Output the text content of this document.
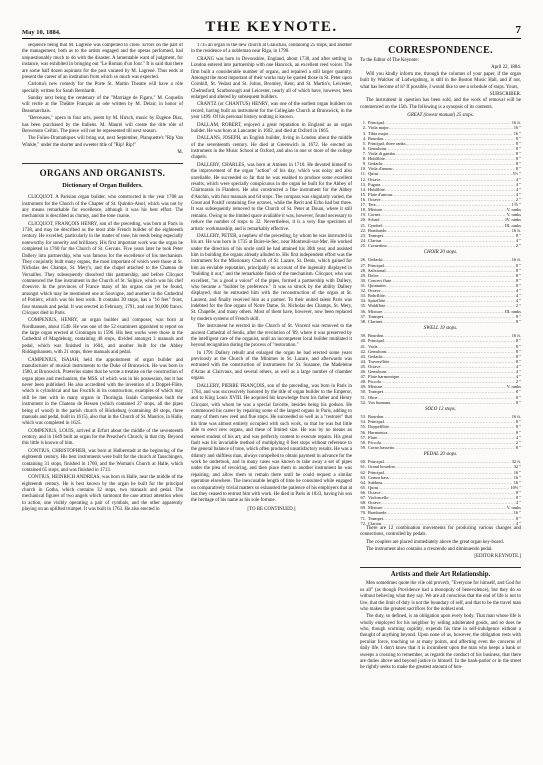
May 10, 1884.	THE KEYNOTE.	7

sequence being that M. Lagrené was compelled to close. Errors on the part of the management, both as to the artists engaged and the operas performed, had unquestionably much to do with the disaster. A lamentable want of judgment, for instance, was exhibited in bringing out "Le Roman d'un Jour." It is said that there are some half dozen aspirants for the post vacated by M. Lagrené. Thus ends at present the career of an institution from which so much was expected.

Carlotta's new comedy for the Porte St. Martin Theatre will have a rôle specially written for Sarah Bernhardt.

Sunday next being the centenary of the "Marriage de Figaro," M. Coquelin will recite at the Théâtre Français an ode written by M. Delair, in honor of Beaumarchais.

"Berceuses," opera in four acts, poem by M. Hirsch, music by Eugène Diaz, has been purchased by the Italiens. M. Maurel will create the title rôle of Benvenuto Cellini. The piece will not be represented till next season.

The Folies-Dramatiques will bring out, next September, Planquette's "Rip Van Winkle," under the shorter and sweeter title of "Rip! Rip!"

M.
ORGANS AND ORGANISTS.
Dictionary of Organ Builders.

CLICQUOT. A Parisian organ builder, who constructed in the year 1708 an instrument for the Church of the Chapter of St. Quintin-Aisel, which was not by any means remarkable for excellence, although it was his best effort. The mechanism is described as clumsy, and the tone coarse.

CLICQUOT, FRANÇOIS HENRY, son of the preceding, was born at Paris in 1738, and may be described as the most able French builder of the eighteenth century. He excelled, particularly in the matter of tone, his reeds being especially noteworthy for sonority and brilliancy. His first important work was the organ he completed in 1760 for the Church of St. Gervais. Five years later he took Peter Dallery into partnership, who was famous for the excellence of his mechanism. They conjointly built many organs, the most important of which were those at St. Nicholas des Champs, St. Mery's, and the chapel attached to the Chateau de Versailles. They subsequently dissolved this partnership, and before Clicquot commenced the fine instrument in the Church of St. Sulpice, which was his chef d'oeuvre. In the provinces of France many of his organs can yet be found, amongst which may be mentioned one at Souvigne, and another in the Cathedral of Poitiers, which was his best work. It contains 30 stops, has a "16 feet" front, four manuals and pedal. It was erected in February, 1791, and cost 90,000 francs. Clicquot died in Paris.

COMPENIUS, HENRY, an organ builder and composer, was born at Nordhausen, about 1540. He was one of the 52 examiners appointed to report on the large organ erected at Groningen in 1596. His best works were those in the Cathedral of Magdeburg, containing 48 stops, divided amongst 3 manuals and pedal, which was finished in 1604, and another built for the Abbey Riddagshausen, with 21 stops, three manuals and pedal.

CAMPENIUS, ISAIAH, held the appointment of organ builder and manufacturer of musical instruments to the Duke of Brunswick. He was born in 1580, at Brunswick. Præterius states that he wrote a treatise on the construction of organ pipes and mechanism, the MSS. of which was in his possession, but it has never been published. He also accredited with the invention of a Doppel-Flöte, which is cylindrical and has Fructifs in its construction, examples of which may still be met with in many organs in Thuringia. Isaiah Compenius built the instrument in the Chateau de Hessen (which contained 27 stops, all the pipes being of wood) in the parish church of Bückeburg (containing 48 stops, three manuals and pedal, built in 1615), also that in the Church of St. Maurice, in Halle, which was completed in 1625.

COMPENIUS, LOUIS, arrived at Erfurt about the middle of the seventeenth century, and in 1649 built an organ for the Preacher's Church, in that city. Beyond this little is known of him.

CONTIUS, CHRISTOPHER, was born at Halberstadt at the beginning of the eighteenth century. His best instruments were built for the church at Tauschingen, containing 31 stops, finished in 1700, and the Woman's Church at Halle, which contained 65 stops, and was finished in 1713.

CONTIUS, HEINRICH ANDREAS, was born in Halle, near the middle of the eighteenth century. He is best known by the organ he built for the principal church in Gotha, which contains 32 stops, two manuals and pedal. The mechanical figures of two angels which surmount the case attract attention when in action, one visibly operating a pair of cymbals, and the other apparently playing on an uplifted trumpet. It was built in 1763. He also erected in

1735 an organ in the new church at Glauchau, containing 25 stops, and another in the residence of a nobleman near Riga, in 1790.

CRANG was born in Devonshire, England, about 1730, and after settling in London entered into partnership with one Hancock, an excellent reed voicer. The firm built a considerable number of organs, and repaired a still larger quantity. Amongst the most important of their works may be quoted those in St. Peter upon Cornhill, St. Vedast and St. Johns, Bromley, Kent, and St. Martin's, Leicester, Chelmsford, Scarborough and Leicester, nearly all of which have, however, been enlarged and altered by subsequent builders.

CRANTZ (or CHANTUS) HENRY, was one of the earliest organ builders on record, having built an instrument for the Collegiate Church at Brunswick, in the year 1499. Of his personal history nothing is known.

DALLAM, ROBERT, enjoyed a great reputation in England as an organ builder. He was born at Lancaster in 1602, and died at Oxford in 1665.

DALLANS, JOSEPH, an English builder, living in London about the middle of the seventeenth century. He died at Greenwich in 1672. He erected an instrument in the Music School at Oxford, and also in one or more of the college chapels.

DALLERY, CHARLES, was born at Amiens in 1710. He devoted himself to the improvement of the organ "action" of his day, which was noisy and also unreliable. He succeeded so far that he was enabled to produce some excellent results, which were specially conspicuous in the organ he built for the Abbey of Clairmarais in Flanders. He also constructed a fine instrument for the Abbey d'Anchin, with four manuals and 64 stops. The compass was singularly varied, the Great and Positif containing five octaves, while the Recit and Echo had but three. It was subsequently removed to the Church of St. Peter at Douai, where it still remains. Owing to the limited space available it was, however, found necessary to reduce the number of stops to 32. Nevertheless, it is a very fine specimen of artistic workmanship, and is remarkably effective.

DALLERY, PETER, a nephew of the preceding, by whom he was instructed in his art. He was born in 1735 at Buire-le-Sec, near Montreuil-sur-Mer. He worked under the direction of his uncle until he had attained his 30th year, and assisted him in building the organs already alluded to. His first independent effort was the instrument for the Missionary Church of St. Lazare, St. Denis, which gained for him an enviable reputation, principally on account of the ingenuity displayed in "building it out," and the remarkable finish of the mechanism. Clicquot, who was excellent, "as a good a voicer" of the pipes, formed a partnership with Dallery, who became a "builder by preference." It was so struck by the ability Dallery displayed, that he entrusted him with the reconstruction of the organ at St. Laurent, and finally received him as a partner. To their united talent Paris was indebted for the fine organs of Notre Dame, St. Nicholas des Champs, St. Mery, St. Chapelle, and many others. Most of them have, however, now been replaced by modern systems of French skill.

The instrument he erected in the Church of St. Vincent was removed to the ancient Cathedral of Senlis, after the revolution of '89, where it was preserved by the intelligent care of the organist, until an incompetent local builder mutilated it beyond recognition during the process of "restoration."

In 1791 Dallery rebuilt and enlarged the organ he had erected some years previously at the Church of the Minimes in St. Lazare, and afterwards was entrusted with the construction of instruments for St. Susanne, the Madeleine d'Arras at Clairvaux, and several others, as well as a large number of chamber organs.

DALLERY, PIERRE FRANÇOIS, son of the preceding, was born in Paris in 1764, and was successively honored by the title of organ builder to the Emperor, and to King Louis XVIII. He acquired his knowledge from his father and Henry Clicquot, with whom he was a special favorite, besides being his godson. He commenced his career by repairing some of the largest organs in Paris, adding to many of them new reed and flue stops. He succeeded so well as a "restorer" that his time was almost entirely occupied with such work, so that he was but little able to erect new organs, and these of limited size. He was by no means an earnest student of his art, and was perfectly content to execute repairs. His great fault was his invariable method of multiplying 8 feet stops without reference to the general balance of tone, which often produced unsatisfactory results. He was a dilatory and shiftless man, always compelled to obtain payment in advance for the work he undertook, and in many cases was known to take away a set of pipes under the plea of revoicing, and then place them in another instrument he was repairing, and allow them to remain there until he could request a similar operation elsewhere. The inexcusable length of time he consumed while engaged on comparatively trivial matters so exhausted the patience of his employers that at last they ceased to entrust him with work. He died in Paris in 1833, having his son the heritage of his name as his sole fortune.

[TO BE CONTINUED.]
CORRESPONDENCE.
To the Editor of The Keynote:
April 22, 1884.

Will you kindly inform me, through the columns of your paper, if the organ built by Walcker of Ludwigsburg, is still in the Boston Music Hall, and if not, what has become of it? If possible, I would like to see a schedule of stops. Yours,

SUBSCRIBER.

The instrument in question has been sold, and the work of removal will be commenced on the 15th. The following is a synopsis of its contents.

GREAT (lowest manual) 25 stops.
1. Principal .....	16 ft.
2. Viola major .....	16 "
3. Tibia major .....	16 "
4. Bourdon .....	8 "
5. Principal, three ranks .....	8 "
6. Gemshorn .....	8 "
7. Viola di gamba .....	8 "
8. Hohlflöte .....	8 "
9. Gedackt .....	8 "
10. Viola d'amour .....	8 "
11. Quint .....	5⅓ "
12. Octave .....	4 "
13. Fugara .....	4 "
14. Hohlflöte .....	4 "
15. Flute d'amour .....	4 "
16. Octave .....	2 "
17. Terz .....	1⅗ "
18. Mixture .....	V. ranks
19. Cornet .....	V. ranks
20. Scharf .....	IV. ranks
21. Cymbel .....	III. ranks
22. Bombarde .....	16 ft.
23. Trumpet .....	8 "
24. Clarion .....	4 "
25. Cornettino .....	2 "
CHOIR 20 stops.
26. Gedackt .....	16 ft.
27. Principal .....	8 "
28. Salicional .....	8 "
29. Dolce .....	8 "
30. Concert flute .....	8 "
31. Quintatön .....	8 "
32. Octave .....	4 "
33. Rohrflöte .....	4 "
34. Spitzflöte .....	4 "
35. Waldflöte .....	2 "
36. Mixture .....	III. ranks
37. Trumpet .....	8 "
38. Clarinet .....	8 "
SWELL 19 stops.
39. Bourdon .....	16 ft.
40. Principal .....	8 "
41. Viola .....	8 "
42. Gemshorn .....	8 "
43. Gedackt .....	8 "
44. Traversflöte .....	8 "
45. Octave .....	4 "
46. Gemshorn .....	4 "
47. Flute harmonique .....	4 "
48. Piccolo .....	2 "
49. Mixture .....	V. ranks
50. Trumpet .....	8 "
51. Oboe .....	8 "
52. Vox humana .....	8 "
SOLO 12 stops.
53. Bourdon .....	16 ft.
54. Principal .....	8 "
55. Doppelflöte .....	8 "
56. Harmonica .....	8 "
57. Flute .....	4 "
58. Piccolo .....	2 "
59. Corno bassetto .....	8 "
PEDAL 20 stops.
60. Principal .....	32 ft.
61. Grand bourdon .....	32 "
62. Principal .....	16 "
63. Contra bass .....	16 "
64. Subbass .....	16 "
65. Quint .....	10⅔ "
66. Octave .....	8 "
67. Violoncello .....	8 "
68. Octave .....	4 "
69. Mixture .....	V. ranks
70. Bombarde .....	16 "
71. Trumpet .....	8 "
72. Clarion .....	4 "

There are 12 combination movements for producing various changes and connections, controlled by pedals.

The couplers are placed immediately above the great organ key-board.

The instrument also contains a crescendo and diminuendo pedal.

[EDITOR KEYNOTE.]
Artists and their Art Relationship.

Men sometimes quote the vile old proverb, "Everyone for himself, and God for us all" (as though Providence had a monopoly of benevolence), but they do so without believing what they say. We are all conscious that the end of life is not to live, that the limit of duty is not the boundary of self, and that to be the travel man who makes the greatest sacrifices for the noblest end.

The duty, so defined, is an obligation upon every body. That man whose life is wholly employed for his neighbor by selling adulterated goods, and so does he who, though scorning cupidity, expends his time in self-indulgence without a thought of anything beyond. Upon none of us, however, the obligation rests with peculiar force, touching us at many points, and affecting even the concerns of daily life. I don't know that it is incumbent upon the man who keeps a bank or sweeps a crossing to remember, as regards the conduct of his business, that there are duties above and beyond justice to himself. In the bank-parlor or in the street he rightly seeks to make the greatest amount of hon-
